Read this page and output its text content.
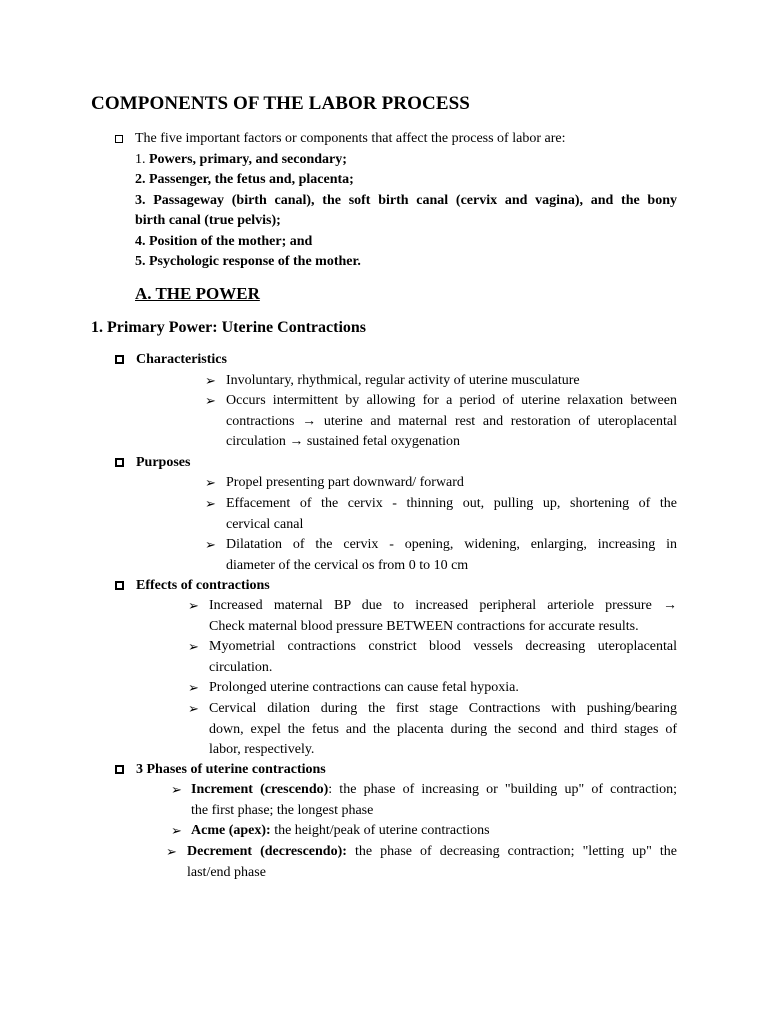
COMPONENTS OF THE LABOR PROCESS
The five important factors or components that affect the process of labor are:
1. Powers, primary, and secondary;
2. Passenger, the fetus and, placenta;
3. Passageway (birth canal), the soft birth canal (cervix and vagina), and the bony
birth canal (true pelvis);
4. Position of the mother; and
5. Psychologic response of the mother.
A. THE POWER
1. Primary Power: Uterine Contractions
Characteristics
➢ Involuntary, rhythmical, regular activity of uterine musculature
➢ Occurs intermittent by allowing for a period of uterine relaxation between
contractions → uterine and maternal rest and restoration of uteroplacental
circulation → sustained fetal oxygenation
Purposes
➢ Propel presenting part downward/ forward
➢ Effacement of the cervix - thinning out, pulling up, shortening of the
cervical canal
➢ Dilatation of the cervix - opening, widening, enlarging, increasing in
diameter of the cervical os from 0 to 10 cm
Effects of contractions
➢ Increased maternal BP due to increased peripheral arteriole pressure →
Check maternal blood pressure BETWEEN contractions for accurate results.
➢ Myometrial contractions constrict blood vessels decreasing uteroplacental
circulation.
➢ Prolonged uterine contractions can cause fetal hypoxia.
➢ Cervical dilation during the first stage Contractions with pushing/bearing
down, expel the fetus and the placenta during the second and third stages of
labor, respectively.
3 Phases of uterine contractions
➢ Increment (crescendo): the phase of increasing or "building up" of contraction;
the first phase; the longest phase
➢ Acme (apex): the height/peak of uterine contractions
➢ Decrement (decrescendo): the phase of decreasing contraction; "letting up" the
last/end phase
